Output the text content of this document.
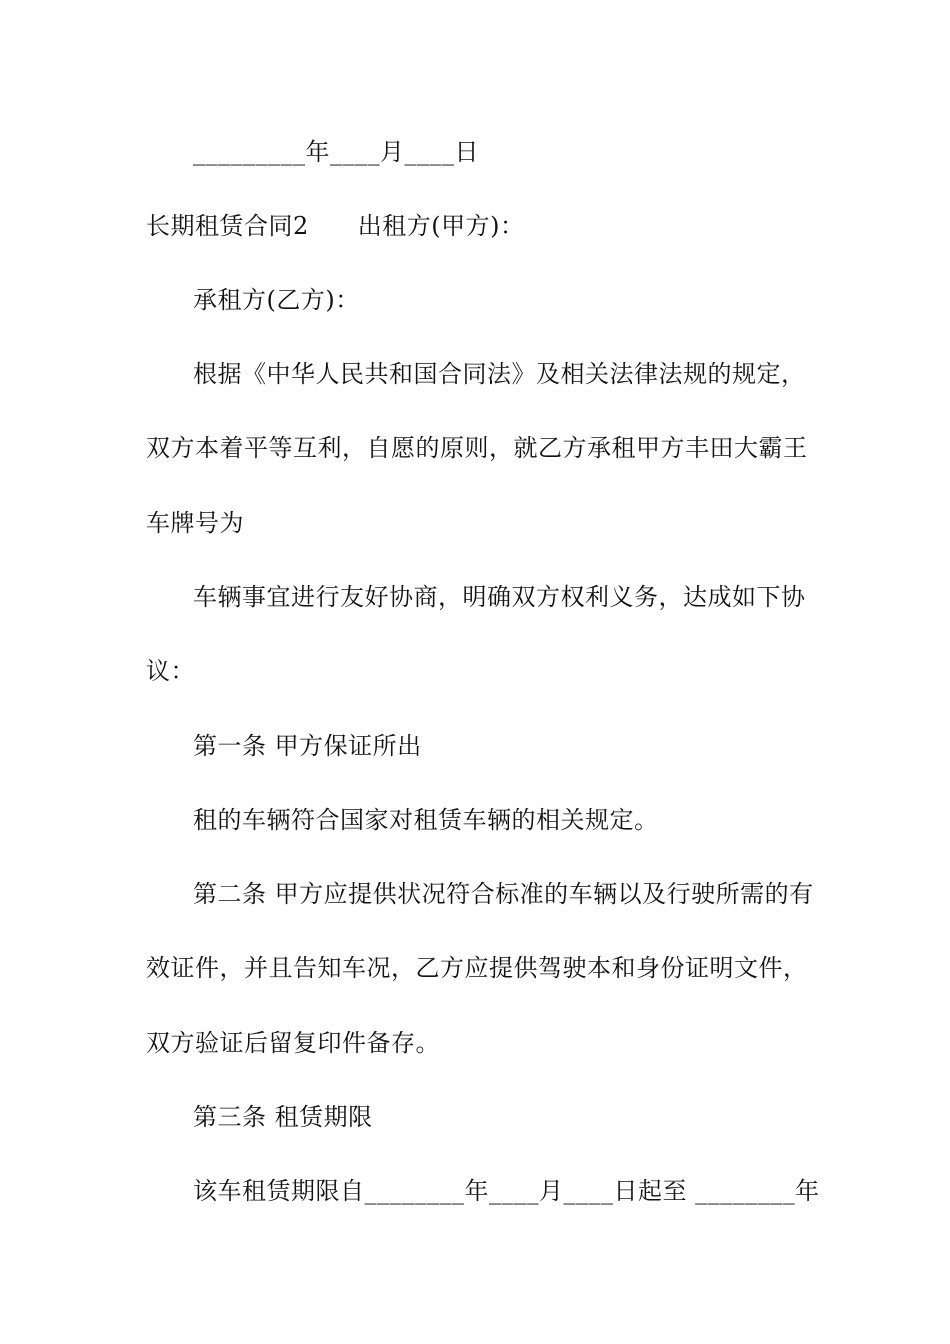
_________年____月____日
长期租赁合同2　　出租方(甲方)：
承租方(乙方)：
根据《中华人民共和国合同法》及相关法律法规的规定，
双方本着平等互利，自愿的原则，就乙方承租甲方丰田大霸王
车牌号为
车辆事宜进行友好协商，明确双方权利义务，达成如下协
议：
第一条 甲方保证所出
租的车辆符合国家对租赁车辆的相关规定。
第二条 甲方应提供状况符合标准的车辆以及行驶所需的有
效证件，并且告知车况，乙方应提供驾驶本和身份证明文件，
双方验证后留复印件备存。
第三条 租赁期限
该车租赁期限自________年____月____日起至 ________年
